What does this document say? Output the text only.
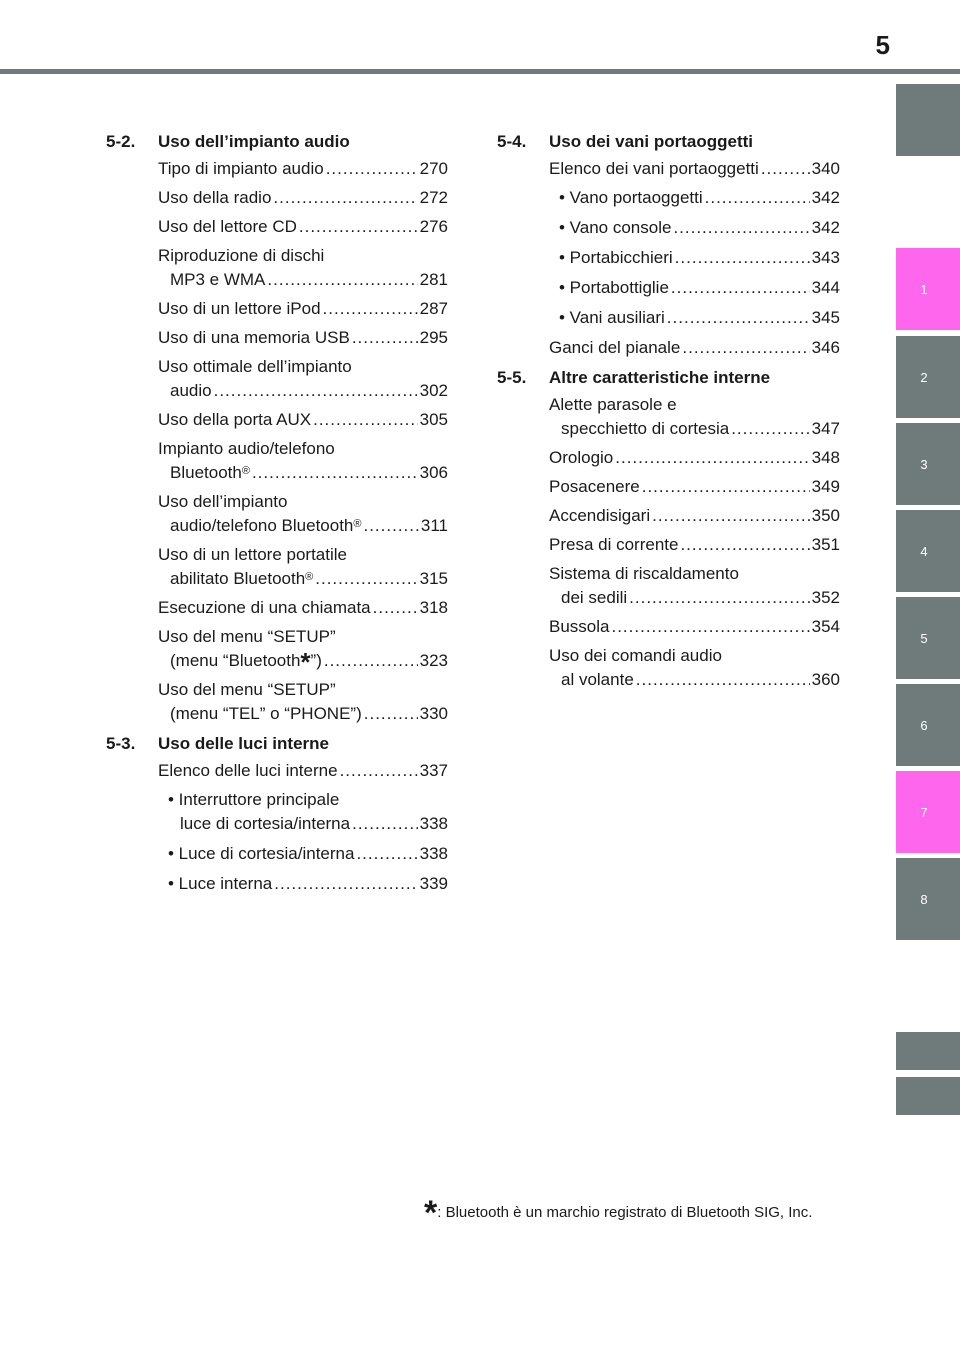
5
1
2
3
4
5
6
7
8
5-2. Uso dell’impianto audio
Tipo di impianto audio .....	270
Uso della radio .....	272
Uso del lettore CD .....	276
Riproduzione di dischi
MP3 e WMA .....	281
Uso di un lettore iPod .....	287
Uso di una memoria USB .....	295
Uso ottimale dell’impianto
audio .....	302
Uso della porta AUX .....	305
Impianto audio/telefono
Bluetooth® .....	306
Uso dell’impianto
audio/telefono Bluetooth® .....	311
Uso di un lettore portatile
abilitato Bluetooth® .....	315
Esecuzione di una chiamata .....	318
Uso del menu “SETUP”
(menu “Bluetooth*”) .....	323
Uso del menu “SETUP”
(menu “TEL” o “PHONE”) .....	330
5-3. Uso delle luci interne
Elenco delle luci interne .....	337
• Interruttore principale
luce di cortesia/interna .....	338
• Luce di cortesia/interna .....	338
• Luce interna .....	339
5-4. Uso dei vani portaoggetti
Elenco dei vani portaoggetti .....	340
• Vano portaoggetti .....	342
• Vano console .....	342
• Portabicchieri .....	343
• Portabottiglie .....	344
• Vani ausiliari .....	345
Ganci del pianale .....	346
5-5. Altre caratteristiche interne
Alette parasole e
specchietto di cortesia .....	347
Orologio .....	348
Posacenere .....	349
Accendisigari .....	350
Presa di corrente .....	351
Sistema di riscaldamento
dei sedili .....	352
Bussola .....	354
Uso dei comandi audio
al volante .....	360
*: Bluetooth è un marchio registrato di Bluetooth SIG, Inc.
